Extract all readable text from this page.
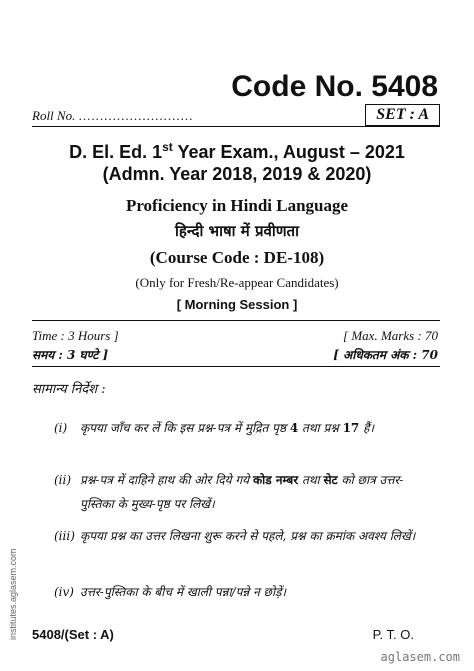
Code No. 5408
Roll No. ...........................	SET : A
D. El. Ed. 1st Year Exam., August – 2021
(Admn. Year 2018, 2019 & 2020)
Proficiency in Hindi Language
हिन्दी भाषा में प्रवीणता
(Course Code : DE-108)
(Only for Fresh/Re-appear Candidates)
[ Morning Session ]
Time : 3 Hours ]	[ Max. Marks : 70
समय : 3 घण्टे ]	[ अधिकतम अंक : 70
सामान्य निर्देश :
(i) कृपया जाँच कर लें कि इस प्रश्न-पत्र में मुद्रित पृष्ठ 4 तथा प्रश्न 17 हैं।
(ii) प्रश्न-पत्र में दाहिने हाथ की ओर दिये गये कोड नम्बर तथा सेट को छात्र उत्तर-पुस्तिका के मुख्य-पृष्ठ पर लिखें।
(iii) कृपया प्रश्न का उत्तर लिखना शुरू करने से पहले, प्रश्न का क्रमांक अवश्य लिखें।
(iv) उत्तर-पुस्तिका के बीच में खाली पन्ना/पन्ने न छोड़ें।
institutes.aglasem.com 5408/(Set : A)	P. T. O.
aglasem.com
